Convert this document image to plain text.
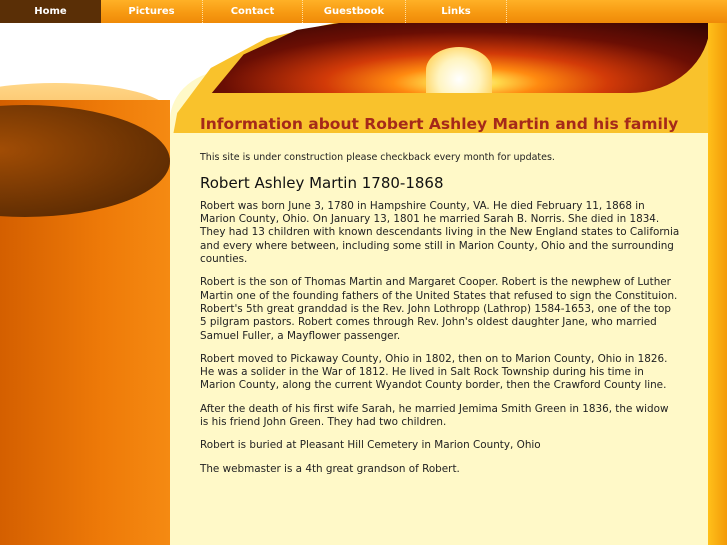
Home	Pictures	Contact	Guestbook	Links
Information about Robert Ashley Martin and his family
This site is under construction please checkback every month for updates.
Robert Ashley Martin 1780-1868

Robert was born June 3, 1780 in Hampshire County, VA. He died February 11, 1868 in Marion County, Ohio. On January 13, 1801 he married Sarah B. Norris. She died in 1834. They had 13 children with known descendants living in the New England states to California and every where between, including some still in Marion County, Ohio and the surrounding counties.

Robert is the son of Thomas Martin and Margaret Cooper. Robert is the newphew of Luther Martin one of the founding fathers of the United States that refused to sign the Constituion. Robert's 5th great granddad is the Rev. John Lothropp (Lathrop) 1584-1653, one of the top 5 pilgram pastors. Robert comes through Rev. John's oldest daughter Jane, who married Samuel Fuller, a Mayflower passenger.

Robert moved to Pickaway County, Ohio in 1802, then on to Marion County, Ohio in 1826. He was a solider in the War of 1812. He lived in Salt Rock Township during his time in Marion County, along the current Wyandot County border, then the Crawford County line.

After the death of his first wife Sarah, he married Jemima Smith Green in 1836, the widow is his friend John Green. They had two children.

Robert is buried at Pleasant Hill Cemetery in Marion County, Ohio

The webmaster is a 4th great grandson of Robert.
